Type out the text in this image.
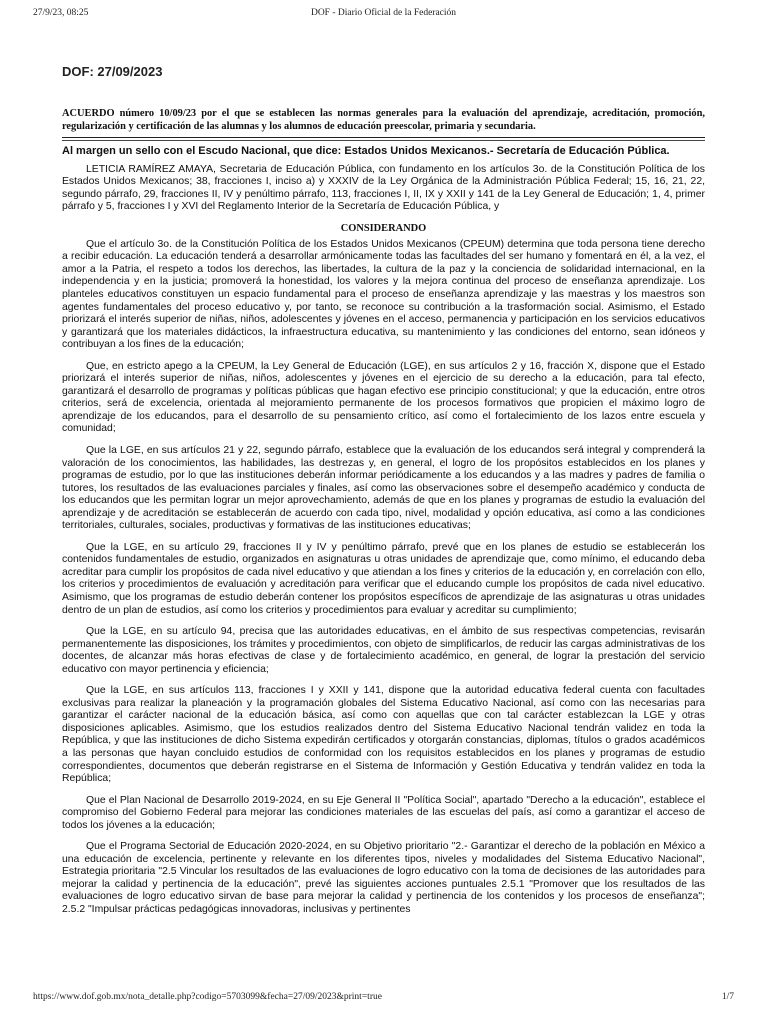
27/9/23, 08:25	DOF - Diario Oficial de la Federación
DOF: 27/09/2023
ACUERDO número 10/09/23 por el que se establecen las normas generales para la evaluación del aprendizaje, acreditación, promoción, regularización y certificación de las alumnas y los alumnos de educación preescolar, primaria y secundaria.
Al margen un sello con el Escudo Nacional, que dice: Estados Unidos Mexicanos.- Secretaría de Educación Pública.

LETICIA RAMÍREZ AMAYA, Secretaria de Educación Pública, con fundamento en los artículos 3o. de la Constitución Política de los Estados Unidos Mexicanos; 38, fracciones I, inciso a) y XXXIV de la Ley Orgánica de la Administración Pública Federal; 15, 16, 21, 22, segundo párrafo, 29, fracciones II, IV y penúltimo párrafo, 113, fracciones I, II, IX y XXII y 141 de la Ley General de Educación; 1, 4, primer párrafo y 5, fracciones I y XVI del Reglamento Interior de la Secretaría de Educación Pública, y

CONSIDERANDO

Que el artículo 3o. de la Constitución Política de los Estados Unidos Mexicanos (CPEUM) determina que toda persona tiene derecho a recibir educación. La educación tenderá a desarrollar armónicamente todas las facultades del ser humano y fomentará en él, a la vez, el amor a la Patria, el respeto a todos los derechos, las libertades, la cultura de la paz y la conciencia de solidaridad internacional, en la independencia y en la justicia; promoverá la honestidad, los valores y la mejora continua del proceso de enseñanza aprendizaje. Los planteles educativos constituyen un espacio fundamental para el proceso de enseñanza aprendizaje y las maestras y los maestros son agentes fundamentales del proceso educativo y, por tanto, se reconoce su contribución a la trasformación social. Asimismo, el Estado priorizará el interés superior de niñas, niños, adolescentes y jóvenes en el acceso, permanencia y participación en los servicios educativos y garantizará que los materiales didácticos, la infraestructura educativa, su mantenimiento y las condiciones del entorno, sean idóneos y contribuyan a los fines de la educación;

Que, en estricto apego a la CPEUM, la Ley General de Educación (LGE), en sus artículos 2 y 16, fracción X, dispone que el Estado priorizará el interés superior de niñas, niños, adolescentes y jóvenes en el ejercicio de su derecho a la educación, para tal efecto, garantizará el desarrollo de programas y políticas públicas que hagan efectivo ese principio constitucional; y que la educación, entre otros criterios, será de excelencia, orientada al mejoramiento permanente de los procesos formativos que propicien el máximo logro de aprendizaje de los educandos, para el desarrollo de su pensamiento crítico, así como el fortalecimiento de los lazos entre escuela y comunidad;

Que la LGE, en sus artículos 21 y 22, segundo párrafo, establece que la evaluación de los educandos será integral y comprenderá la valoración de los conocimientos, las habilidades, las destrezas y, en general, el logro de los propósitos establecidos en los planes y programas de estudio, por lo que las instituciones deberán informar periódicamente a los educandos y a las madres y padres de familia o tutores, los resultados de las evaluaciones parciales y finales, así como las observaciones sobre el desempeño académico y conducta de los educandos que les permitan lograr un mejor aprovechamiento, además de que en los planes y programas de estudio la evaluación del aprendizaje y de acreditación se establecerán de acuerdo con cada tipo, nivel, modalidad y opción educativa, así como a las condiciones territoriales, culturales, sociales, productivas y formativas de las instituciones educativas;

Que la LGE, en su artículo 29, fracciones II y IV y penúltimo párrafo, prevé que en los planes de estudio se establecerán los contenidos fundamentales de estudio, organizados en asignaturas u otras unidades de aprendizaje que, como mínimo, el educando deba acreditar para cumplir los propósitos de cada nivel educativo y que atiendan a los fines y criterios de la educación y, en correlación con ello, los criterios y procedimientos de evaluación y acreditación para verificar que el educando cumple los propósitos de cada nivel educativo. Asimismo, que los programas de estudio deberán contener los propósitos específicos de aprendizaje de las asignaturas u otras unidades dentro de un plan de estudios, así como los criterios y procedimientos para evaluar y acreditar su cumplimiento;

Que la LGE, en su artículo 94, precisa que las autoridades educativas, en el ámbito de sus respectivas competencias, revisarán permanentemente las disposiciones, los trámites y procedimientos, con objeto de simplificarlos, de reducir las cargas administrativas de los docentes, de alcanzar más horas efectivas de clase y de fortalecimiento académico, en general, de lograr la prestación del servicio educativo con mayor pertinencia y eficiencia;

Que la LGE, en sus artículos 113, fracciones I y XXII y 141, dispone que la autoridad educativa federal cuenta con facultades exclusivas para realizar la planeación y la programación globales del Sistema Educativo Nacional, así como con las necesarias para garantizar el carácter nacional de la educación básica, así como con aquellas que con tal carácter establezcan la LGE y otras disposiciones aplicables. Asimismo, que los estudios realizados dentro del Sistema Educativo Nacional tendrán validez en toda la República, y que las instituciones de dicho Sistema expedirán certificados y otorgarán constancias, diplomas, títulos o grados académicos a las personas que hayan concluido estudios de conformidad con los requisitos establecidos en los planes y programas de estudio correspondientes, documentos que deberán registrarse en el Sistema de Información y Gestión Educativa y tendrán validez en toda la República;

Que el Plan Nacional de Desarrollo 2019-2024, en su Eje General II "Política Social", apartado "Derecho a la educación", establece el compromiso del Gobierno Federal para mejorar las condiciones materiales de las escuelas del país, así como a garantizar el acceso de todos los jóvenes a la educación;

Que el Programa Sectorial de Educación 2020-2024, en su Objetivo prioritario "2.- Garantizar el derecho de la población en México a una educación de excelencia, pertinente y relevante en los diferentes tipos, niveles y modalidades del Sistema Educativo Nacional", Estrategia prioritaria "2.5 Vincular los resultados de las evaluaciones de logro educativo con la toma de decisiones de las autoridades para mejorar la calidad y pertinencia de la educación", prevé las siguientes acciones puntuales 2.5.1 "Promover que los resultados de las evaluaciones de logro educativo sirvan de base para mejorar la calidad y pertinencia de los contenidos y los procesos de enseñanza"; 2.5.2 "Impulsar prácticas pedagógicas innovadoras, inclusivas y pertinentes

https://www.dof.gob.mx/nota_detalle.php?codigo=5703099&fecha=27/09/2023&print=true	1/7
